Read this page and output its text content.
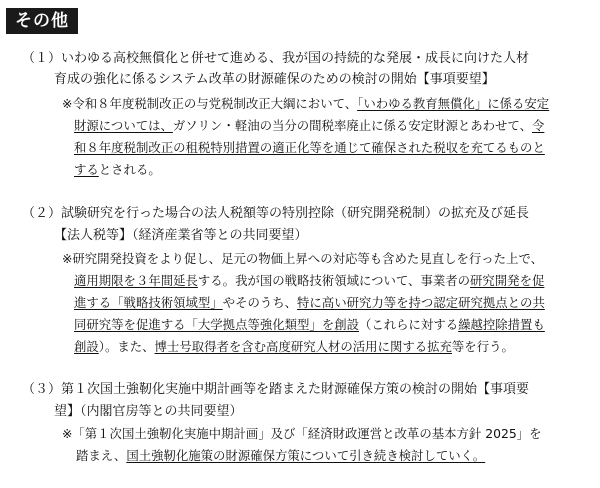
その他
（１）いわゆる高校無償化と併せて進める、我が国の持続的な発展・成長に向けた人材
育成の強化に係るシステム改革の財源確保のための検討の開始【事項要望】
※令和８年度税制改正の与党税制改正大綱において、「いわゆる教育無償化」に係る安定
財源については、ガソリン・軽油の当分の間税率廃止に係る安定財源とあわせて、令
和８年度税制改正の租税特別措置の適正化等を通じて確保された税収を充てるものと
するとされる。
（２）試験研究を行った場合の法人税額等の特別控除（研究開発税制）の拡充及び延長
【法人税等】（経済産業省等との共同要望）
※研究開発投資をより促し、足元の物価上昇への対応等も含めた見直しを行った上で、
適用期限を３年間延長する。我が国の戦略技術領域について、事業者の研究開発を促
進する「戦略技術領域型」やそのうち、特に高い研究力等を持つ認定研究拠点との共
同研究等を促進する「大学拠点等強化類型」を創設（これらに対する繰越控除措置も
創設）。また、博士号取得者を含む高度研究人材の活用に関する拡充等を行う。
（３）第１次国土強靭化実施中期計画等を踏まえた財源確保方策の検討の開始【事項要
望】（内閣官房等との共同要望）
※「第１次国土強靭化実施中期計画」及び「経済財政運営と改革の基本方針 2025」を
踏まえ、国土強靭化施策の財源確保方策について引き続き検討していく。
